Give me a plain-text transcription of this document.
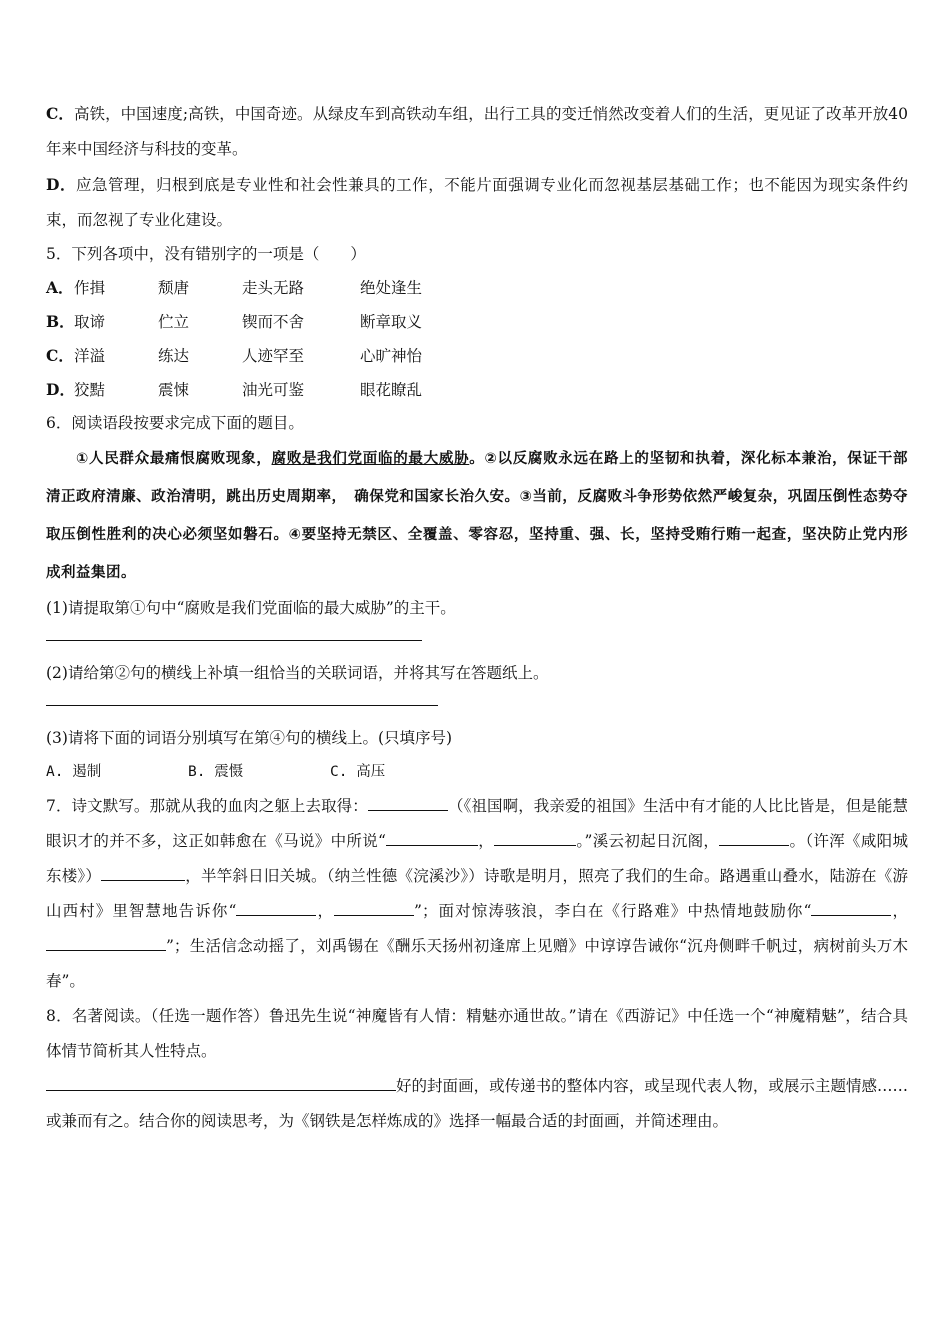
C．高铁，中国速度;高铁，中国奇迹。从绿皮车到高铁动车组，出行工具的变迁悄然改变着人们的生活，更见证了改革开放40年来中国经济与科技的变革。

D．应急管理，归根到底是专业性和社会性兼具的工作，不能片面强调专业化而忽视基层基础工作；也不能因为现实条件约束，而忽视了专业化建设。

5．下列各项中，没有错别字的一项是（　　）

A． 作揖	颓唐	走头无路	绝处逢生
B． 取谛	伫立	锲而不舍	断章取义
C． 洋溢	练达	人迹罕至	心旷神怡
D． 狡黠	震悚	油光可鉴	眼花瞭乱

6．阅读语段按要求完成下面的题目。

①人民群众最痛恨腐败现象，腐败是我们党面临的最大威胁。②以反腐败永远在路上的坚韧和执着，深化标本兼治，保证干部清正政府清廉、政治清明，跳出历史周期率，　确保党和国家长治久安。③当前，反腐败斗争形势依然严峻复杂，巩固压倒性态势夺取压倒性胜利的决心必须坚如磐石。④要坚持无禁区、全覆盖、零容忍，坚持重、强、长，坚持受贿行贿一起查，坚决防止党内形成利益集团。

(1)请提取第①句中“腐败是我们党面临的最大威胁”的主干。

(2)请给第②句的横线上补填一组恰当的关联词语，并将其写在答题纸上。

(3)请将下面的词语分别填写在第④句的横线上。(只填序号)

A. 遏制	B. 震慑	C. 高压

7．诗文默写。那就从我的血肉之躯上去取得：	（《祖国啊，我亲爱的祖国》生活中有才能的人比比皆是，但是能慧眼识才的并不多，这正如韩愈在《马说》中所说“	，	。”溪云初起日沉阁，	。（许浑《咸阳城东楼》）	，半竿斜日旧关城。（纳兰性德《浣溪沙》）诗歌是明月，照亮了我们的生命。路遇重山叠水，陆游在《游山西村》里智慧地告诉你“	，	”；面对惊涛骇浪，李白在《行路难》中热情地鼓励你“	，”；生活信念动摇了，刘禹锡在《酬乐天扬州初逢席上见赠》中谆谆告诫你“沉舟侧畔千帆过，病树前头万木春”。

8．名著阅读。（任选一题作答）鲁迅先生说“神魔皆有人情：精魅亦通世故。”请在《西游记》中任选一个“神魔精魅”，结合具体情节简析其人性特点。

好的封面画，或传递书的整体内容，或呈现代表人物，或展示主题情感……或兼而有之。结合你的阅读思考，为《钢铁是怎样炼成的》选择一幅最合适的封面画，并简述理由。
